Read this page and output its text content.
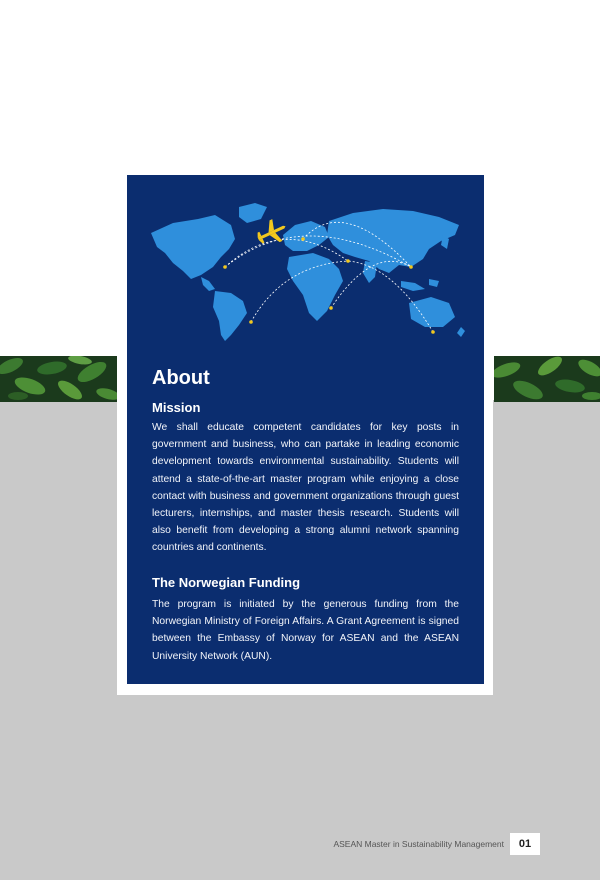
About
Mission

We shall educate competent candidates for key posts in government and business, who can partake in leading economic development towards environmental sustainability. Students will attend a state-of-the-art master program while enjoying a close contact with business and government organizations through guest lecturers, internships, and master thesis research. Students will also benefit from developing a strong alumni network spanning countries and continents.

The Norwegian Funding

The program is initiated by the generous funding from the Norwegian Ministry of Foreign Affairs. A Grant Agreement is signed between the Embassy of Norway for ASEAN and the ASEAN University Network (AUN).

ASEAN Master in Sustainability Management	01
